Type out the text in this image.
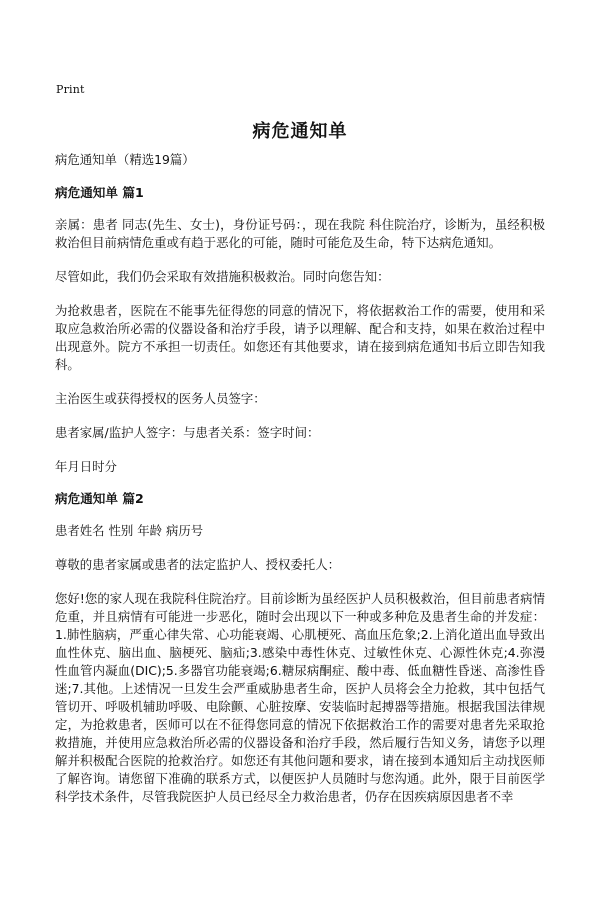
Print
病危通知单

病危通知单（精选19篇）

病危通知单 篇1

亲属：患者 同志(先生、女士)，身份证号码：，现在我院 科住院治疗，诊断为，虽经积极救治但目前病情危重或有趋于恶化的可能，随时可能危及生命，特下达病危通知。

尽管如此，我们仍会采取有效措施积极救治。同时向您告知：

为抢救患者，医院在不能事先征得您的同意的情况下，将依据救治工作的需要，使用和采取应急救治所必需的仪器设备和治疗手段，请予以理解、配合和支持，如果在救治过程中出现意外。院方不承担一切责任。如您还有其他要求，请在接到病危通知书后立即告知我科。

主治医生或获得授权的医务人员签字：

患者家属/监护人签字：与患者关系：签字时间：

年月日时分

病危通知单 篇2

患者姓名 性别 年龄 病历号

尊敬的患者家属或患者的法定监护人、授权委托人：

您好!您的家人现在我院科住院治疗。目前诊断为虽经医护人员积极救治，但目前患者病情危重，并且病情有可能进一步恶化，随时会出现以下一种或多种危及患者生命的并发症：1.肺性脑病，严重心律失常、心功能衰竭、心肌梗死、高血压危象;2.上消化道出血导致出血性休克、脑出血、脑梗死、脑疝;3.感染中毒性休克、过敏性休克、心源性休克;4.弥漫性血管内凝血(DIC);5.多器官功能衰竭;6.糖尿病酮症、酸中毒、低血糖性昏迷、高渗性昏迷;7.其他。上述情况一旦发生会严重威胁患者生命，医护人员将会全力抢救，其中包括气管切开、呼吸机辅助呼吸、电除颤、心脏按摩、安装临时起搏器等措施。根据我国法律规定，为抢救患者，医师可以在不征得您同意的情况下依据救治工作的需要对患者先采取抢救措施，并使用应急救治所必需的仪器设备和治疗手段，然后履行告知义务，请您予以理解并积极配合医院的抢救治疗。如您还有其他问题和要求，请在接到本通知后主动找医师了解咨询。请您留下准确的联系方式，以便医护人员随时与您沟通。此外，限于目前医学科学技术条件，尽管我院医护人员已经尽全力救治患者，仍存在因疾病原因患者不幸
